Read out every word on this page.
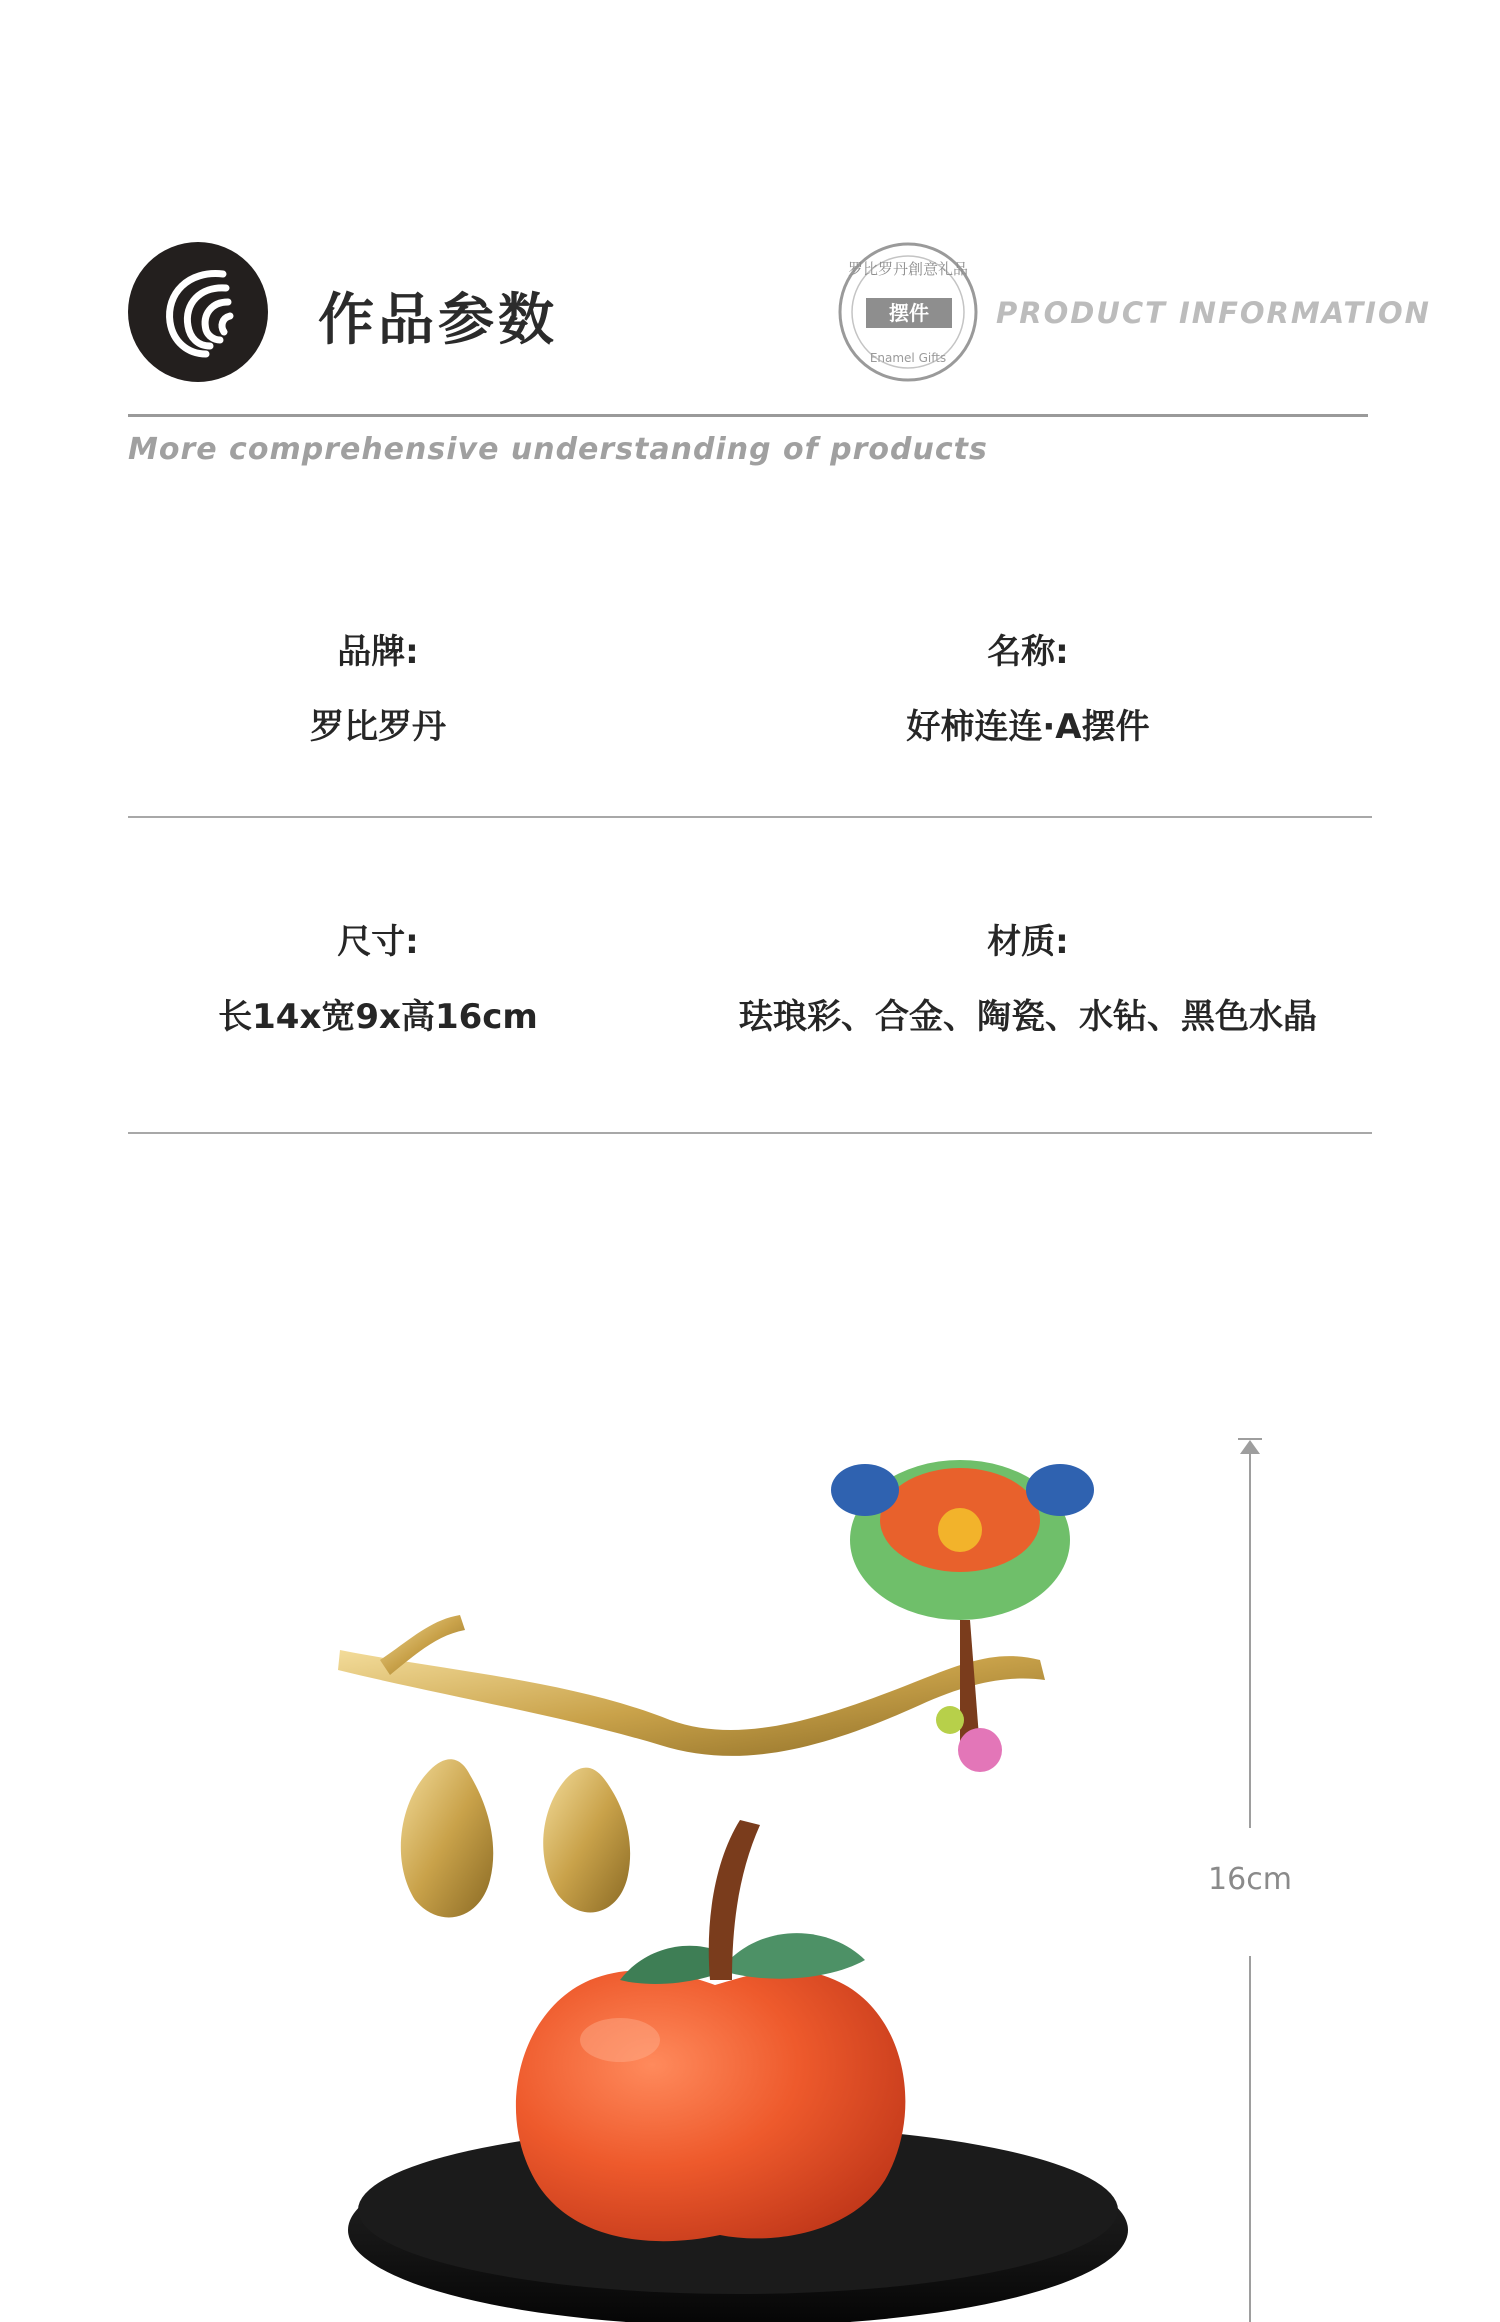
作品参数
罗比罗丹創意礼品
Enamel Gifts
摆件	PRODUCT INFORMATION
More comprehensive understanding of products
品牌:
罗比罗丹
名称:
好柿连连·A摆件
尺寸:
长14x宽9x高16cm
材质:
珐琅彩、合金、陶瓷、水钻、黑色水晶
16cm
